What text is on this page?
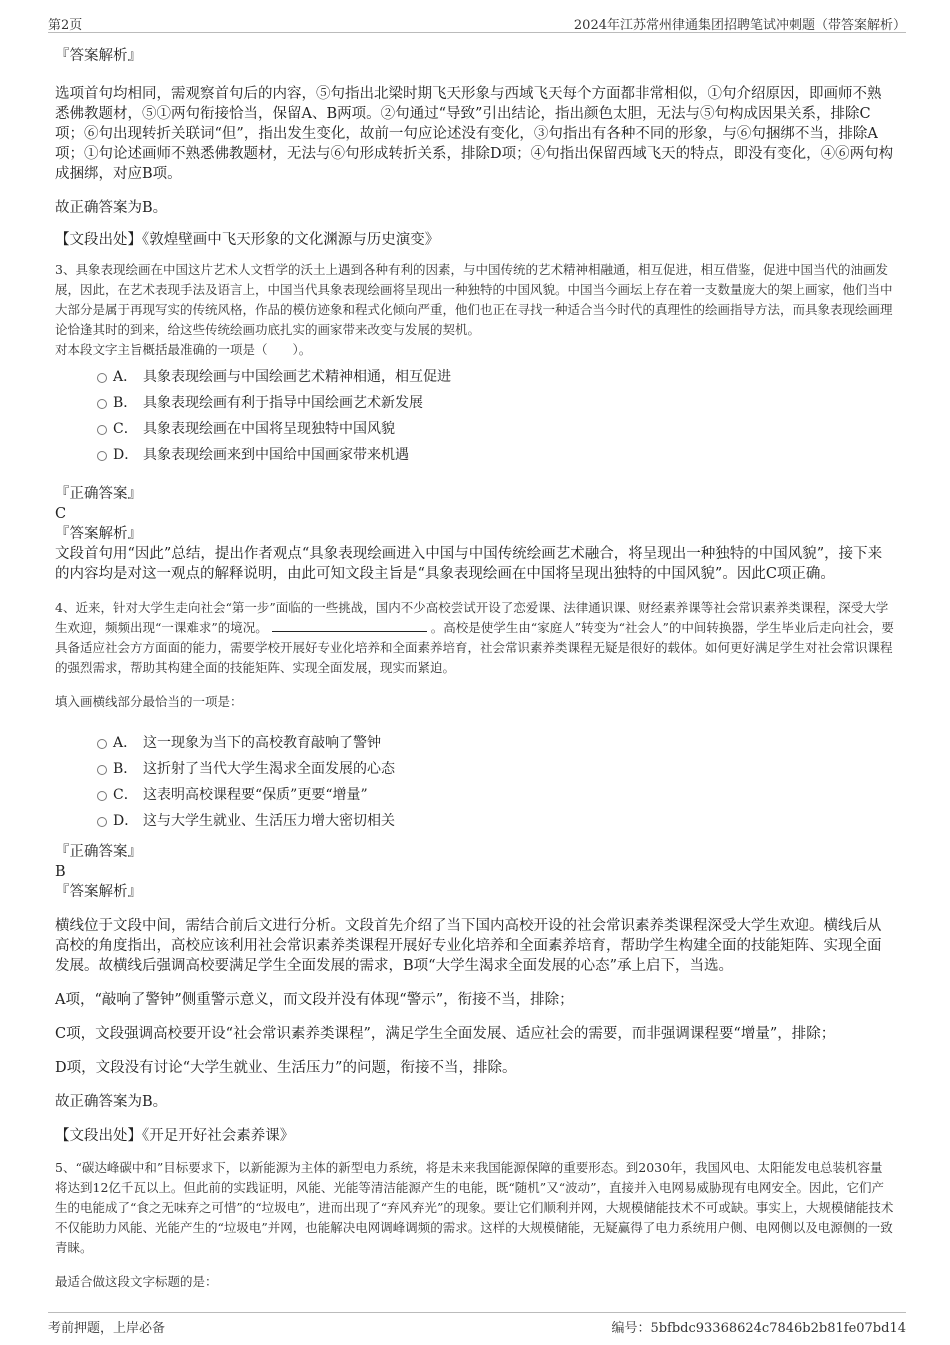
第2页	2024年江苏常州律通集团招聘笔试冲刺题（带答案解析）
『答案解析』

选项首句均相同，需观察首句后的内容，⑤句指出北梁时期飞天形象与西域飞天每个方面都非常相似，①句介绍原因，即画师不熟悉佛教题材，⑤①两句衔接恰当，保留A、B两项。②句通过“导致”引出结论，指出颜色太胆，无法与⑤句构成因果关系，排除C项；⑥句出现转折关联词“但”，指出发生变化，故前一句应论述没有变化，③句指出有各种不同的形象，与⑥句捆绑不当，排除A项；①句论述画师不熟悉佛教题材，无法与⑥句形成转折关系，排除D项；④句指出保留西域飞天的特点，即没有变化，④⑥两句构成捆绑，对应B项。

故正确答案为B。

【文段出处】《敦煌壁画中飞天形象的文化渊源与历史演变》

3、具象表现绘画在中国这片艺术人文哲学的沃土上遇到各种有利的因素，与中国传统的艺术精神相融通，相互促进，相互借鉴，促进中国当代的油画发展，因此，在艺术表现手法及语言上，中国当代具象表现绘画将呈现出一种独特的中国风貌。中国当今画坛上存在着一支数量庞大的架上画家，他们当中大部分是属于再现写实的传统风格，作品的模仿迹象和程式化倾向严重，他们也正在寻找一种适合当今时代的真理性的绘画指导方法，而具象表现绘画理论恰逢其时的到来，给这些传统绘画功底扎实的画家带来改变与发展的契机。

对本段文字主旨概括最准确的一项是（　　）。

A． 具象表现绘画与中国绘画艺术精神相通，相互促进
B． 具象表现绘画有利于指导中国绘画艺术新发展
C． 具象表现绘画在中国将呈现独特中国风貌
D． 具象表现绘画来到中国给中国画家带来机遇

『正确答案』

C

『答案解析』

文段首句用“因此”总结，提出作者观点“具象表现绘画进入中国与中国传统绘画艺术融合，将呈现出一种独特的中国风貌”，接下来的内容均是对这一观点的解释说明，由此可知文段主旨是“具象表现绘画在中国将呈现出独特的中国风貌”。因此C项正确。

4、近来，针对大学生走向社会“第一步”面临的一些挑战，国内不少高校尝试开设了恋爱课、法律通识课、财经素养课等社会常识素养类课程，深受大学生欢迎，频频出现“一课难求”的境况。	。高校是使学生由“家庭人”转变为“社会人”的中间转换器，学生毕业后走向社会，要具备适应社会方方面面的能力，需要学校开展好专业化培养和全面素养培育，社会常识素养类课程无疑是很好的载体。如何更好满足学生对社会常识课程的强烈需求，帮助其构建全面的技能矩阵、实现全面发展，现实而紧迫。

填入画横线部分最恰当的一项是：

A． 这一现象为当下的高校教育敲响了警钟
B． 这折射了当代大学生渴求全面发展的心态
C． 这表明高校课程要“保质”更要“增量”
D． 这与大学生就业、生活压力增大密切相关

『正确答案』

B

『答案解析』

横线位于文段中间，需结合前后文进行分析。文段首先介绍了当下国内高校开设的社会常识素养类课程深受大学生欢迎。横线后从高校的角度指出，高校应该利用社会常识素养类课程开展好专业化培养和全面素养培育，帮助学生构建全面的技能矩阵、实现全面发展。故横线后强调高校要满足学生全面发展的需求，B项“大学生渴求全面发展的心态”承上启下，当选。

A项，“敲响了警钟”侧重警示意义，而文段并没有体现“警示”，衔接不当，排除；

C项，文段强调高校要开设“社会常识素养类课程”，满足学生全面发展、适应社会的需要，而非强调课程要“增量”，排除；

D项，文段没有讨论“大学生就业、生活压力”的问题，衔接不当，排除。

故正确答案为B。

【文段出处】《开足开好社会素养课》

5、“碳达峰碳中和”目标要求下，以新能源为主体的新型电力系统，将是未来我国能源保障的重要形态。到2030年，我国风电、太阳能发电总装机容量将达到12亿千瓦以上。但此前的实践证明，风能、光能等清洁能源产生的电能，既“随机”又“波动”，直接并入电网易威胁现有电网安全。因此，它们产生的电能成了“食之无味弃之可惜”的“垃圾电”，进而出现了“弃风弃光”的现象。要让它们顺利并网，大规模储能技术不可或缺。事实上，大规模储能技术不仅能助力风能、光能产生的“垃圾电”并网，也能解决电网调峰调频的需求。这样的大规模储能，无疑赢得了电力系统用户侧、电网侧以及电源侧的一致青睐。

最适合做这段文字标题的是：

考前押题，上岸必备	编号：5bfbdc93368624c7846b2b81fe07bd14
